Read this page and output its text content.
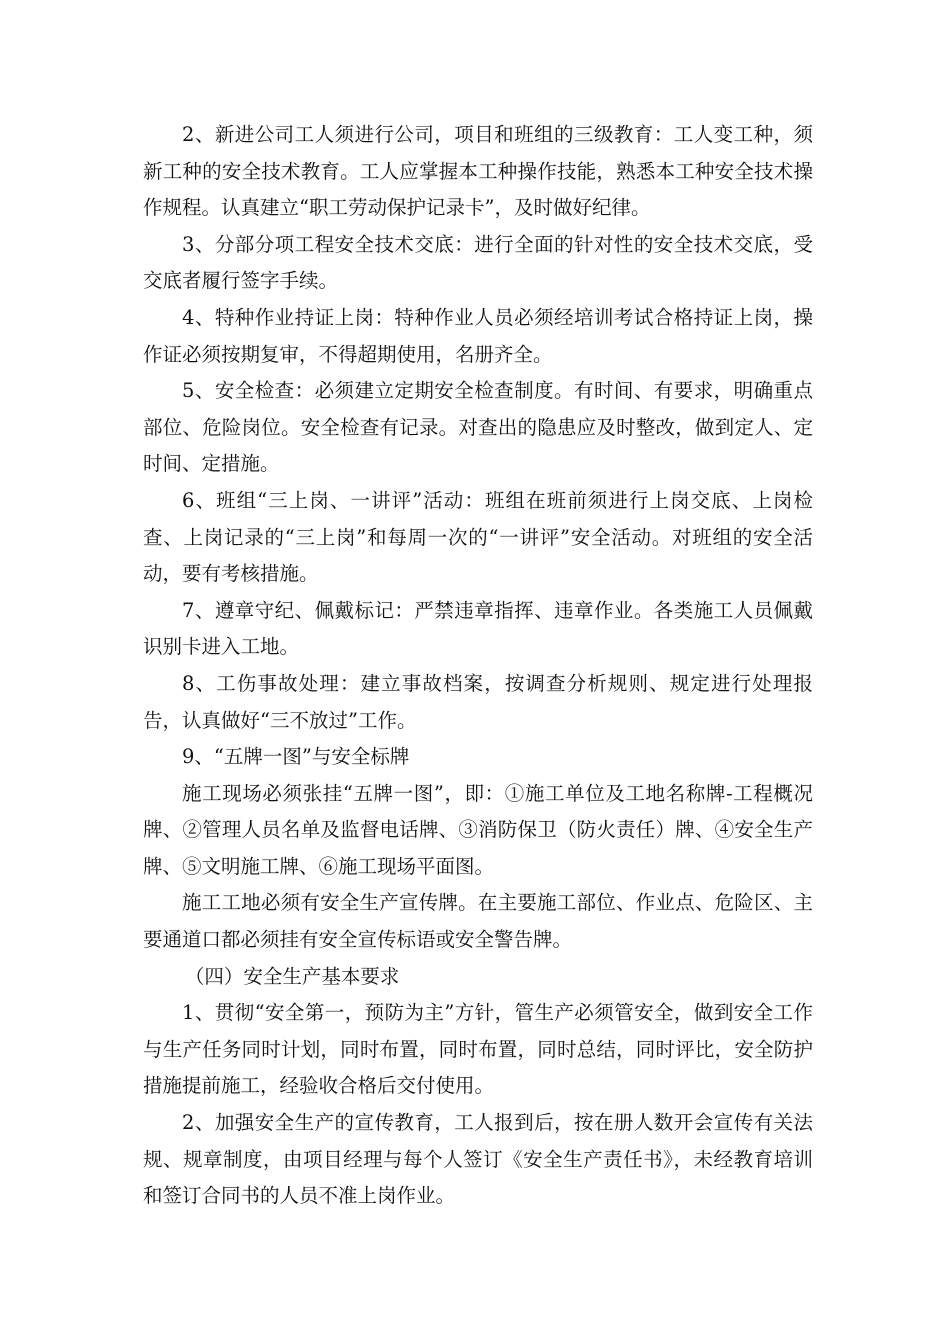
2、新进公司工人须进行公司，项目和班组的三级教育：工人变工种，须新工种的安全技术教育。工人应掌握本工种操作技能，熟悉本工种安全技术操作规程。认真建立“职工劳动保护记录卡”，及时做好纪律。

3、分部分项工程安全技术交底：进行全面的针对性的安全技术交底，受交底者履行签字手续。

4、特种作业持证上岗：特种作业人员必须经培训考试合格持证上岗，操作证必须按期复审，不得超期使用，名册齐全。

5、安全检查：必须建立定期安全检查制度。有时间、有要求，明确重点部位、危险岗位。安全检查有记录。对查出的隐患应及时整改，做到定人、定时间、定措施。

6、班组“三上岗、一讲评”活动：班组在班前须进行上岗交底、上岗检查、上岗记录的“三上岗”和每周一次的“一讲评”安全活动。对班组的安全活动，要有考核措施。

7、遵章守纪、佩戴标记：严禁违章指挥、违章作业。各类施工人员佩戴识别卡进入工地。

8、工伤事故处理：建立事故档案，按调查分析规则、规定进行处理报告，认真做好“三不放过”工作。

9、“五牌一图”与安全标牌

施工现场必须张挂“五牌一图”，即：①施工单位及工地名称牌-工程概况牌、②管理人员名单及监督电话牌、③消防保卫（防火责任）牌、④安全生产牌、⑤文明施工牌、⑥施工现场平面图。

施工工地必须有安全生产宣传牌。在主要施工部位、作业点、危险区、主要通道口都必须挂有安全宣传标语或安全警告牌。

（四）安全生产基本要求

1、贯彻“安全第一，预防为主”方针，管生产必须管安全，做到安全工作与生产任务同时计划，同时布置，同时布置，同时总结，同时评比，安全防护措施提前施工，经验收合格后交付使用。

2、加强安全生产的宣传教育，工人报到后，按在册人数开会宣传有关法规、规章制度，由项目经理与每个人签订《安全生产责任书》，未经教育培训和签订合同书的人员不准上岗作业。
